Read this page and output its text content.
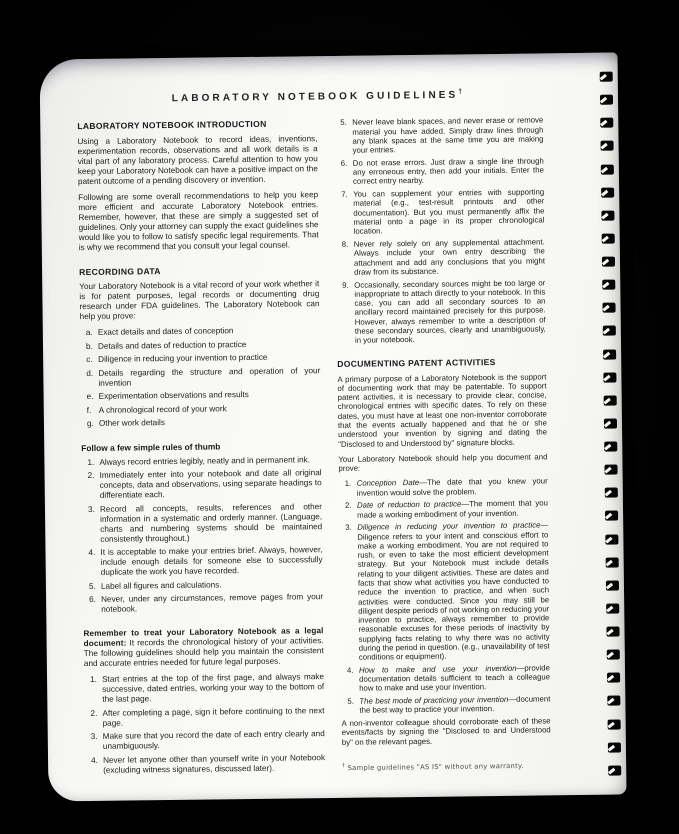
LABORATORY NOTEBOOK GUIDELINES†
LABORATORY NOTEBOOK INTRODUCTION

Using a Laboratory Notebook to record ideas, inventions, experimentation records, observations and all work details is a vital part of any laboratory process. Careful attention to how you keep your Laboratory Notebook can have a positive impact on the patent outcome of a pending discovery or invention.

Following are some overall recommendations to help you keep more efficient and accurate Laboratory Notebook entries. Remember, however, that these are simply a suggested set of guidelines. Only your attorney can supply the exact guidelines she would like you to follow to satisfy specific legal requirements. That is why we recommend that you consult your legal counsel.

RECORDING DATA

Your Laboratory Notebook is a vital record of your work whether it is for patent purposes, legal records or documenting drug research under FDA guidelines. The Laboratory Notebook can help you prove:

a. Exact details and dates of conception
b. Details and dates of reduction to practice
c. Diligence in reducing your invention to practice
d. Details regarding the structure and operation of your invention
e. Experimentation observations and results
f. A chronological record of your work
g. Other work details
Follow a few simple rules of thumb
1. Always record entries legibly, neatly and in permanent ink.
2. Immediately enter into your notebook and date all original concepts, data and observations, using separate headings to differentiate each.
3. Record all concepts, results, references and other information in a systematic and orderly manner. (Language, charts and numbering systems should be maintained consistently throughout.)
4. It is acceptable to make your entries brief. Always, however, include enough details for someone else to successfully duplicate the work you have recorded.
5. Label all figures and calculations.
6. Never, under any circumstances, remove pages from your notebook.

Remember to treat your Laboratory Notebook as a legal document: It records the chronological history of your activities. The following guidelines should help you maintain the consistent and accurate entries needed for future legal purposes.

1. Start entries at the top of the first page, and always make successive, dated entries, working your way to the bottom of the last page.
2. After completing a page, sign it before continuing to the next page.
3. Make sure that you record the date of each entry clearly and unambiguously.
4. Never let anyone other than yourself write in your Notebook (excluding witness signatures, discussed later).
5. Never leave blank spaces, and never erase or remove material you have added. Simply draw lines through any blank spaces at the same time you are making your entries.
6. Do not erase errors. Just draw a single line through any erroneous entry, then add your initials. Enter the correct entry nearby.
7. You can supplement your entries with supporting material (e.g., test-result printouts and other documentation). But you must permanently affix the material onto a page in its proper chronological location.
8. Never rely solely on any supplemental attachment. Always include your own entry describing the attachment and add any conclusions that you might draw from its substance.
9. Occasionally, secondary sources might be too large or inappropriate to attach directly to your notebook. In this case, you can add all secondary sources to an ancillary record maintained precisely for this purpose. However, always remember to write a description of these secondary sources, clearly and unambiguously, in your notebook.
DOCUMENTING PATENT ACTIVITIES

A primary purpose of a Laboratory Notebook is the support of documenting work that may be patentable. To support patent activities, it is necessary to provide clear, concise, chronological entries with specific dates. To rely on these dates, you must have at least one non-inventor corroborate that the events actually happened and that he or she understood your invention by signing and dating the "Disclosed to and Understood by" signature blocks.

Your Laboratory Notebook should help you document and prove:

1. Conception Date—The date that you knew your invention would solve the problem.
2. Date of reduction to practice—The moment that you made a working embodiment of your invention.
3. Diligence in reducing your invention to practice—Diligence refers to your intent and conscious effort to make a working embodiment. You are not required to rush, or even to take the most efficient development strategy. But your Notebook must include details relating to your diligent activities. These are dates and facts that show what activities you have conducted to reduce the invention to practice, and when such activities were conducted. Since you may still be diligent despite periods of not working on reducing your invention to practice, always remember to provide reasonable excuses for these periods of inactivity by supplying facts relating to why there was no activity during the period in question. (e.g., unavailability of test conditions or equipment).
4. How to make and use your invention—provide documentation details sufficient to teach a colleague how to make and use your invention.
5. The best mode of practicing your invention—document the best way to practice your invention.

A non-inventor colleague should corroborate each of these events/facts by signing the "Disclosed to and Understood by" on the relevant pages.

† Sample guidelines "AS IS" without any warranty.
